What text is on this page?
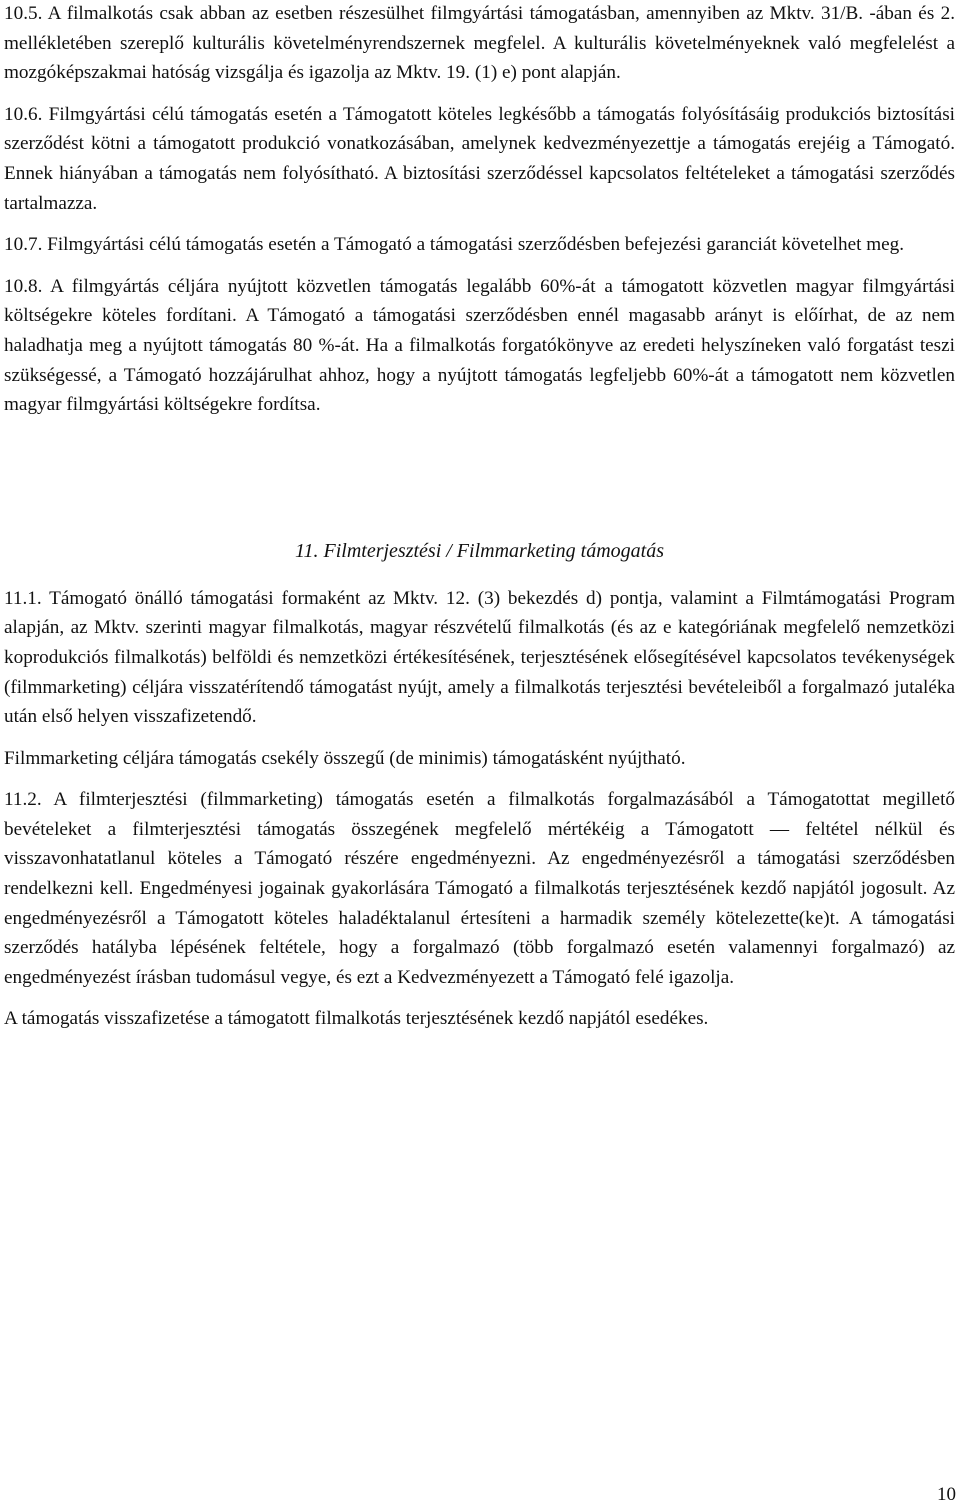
10.5. A filmalkotás csak abban az esetben részesülhet filmgyártási támogatásban, amennyiben az Mktv. 31/B. -ában és 2. mellékletében szereplő kulturális követelményrendszernek megfelel. A kulturális követelményeknek való megfelelést a mozgóképszakmai hatóság vizsgálja és igazolja az Mktv. 19. (1) e) pont alapján.

10.6. Filmgyártási célú támogatás esetén a Támogatott köteles legkésőbb a támogatás folyósításáig produkciós biztosítási szerződést kötni a támogatott produkció vonatkozásában, amelynek kedvezményezettje a támogatás erejéig a Támogató. Ennek hiányában a támogatás nem folyósítható. A biztosítási szerződéssel kapcsolatos feltételeket a támogatási szerződés tartalmazza.

10.7. Filmgyártási célú támogatás esetén a Támogató a támogatási szerződésben befejezési garanciát követelhet meg.

10.8. A filmgyártás céljára nyújtott közvetlen támogatás legalább 60%-át a támogatott közvetlen magyar filmgyártási költségekre köteles fordítani. A Támogató a támogatási szerződésben ennél magasabb arányt is előírhat, de az nem haladhatja meg a nyújtott támogatás 80 %-át. Ha a filmalkotás forgatókönyve az eredeti helyszíneken való forgatást teszi szükségessé, a Támogató hozzájárulhat ahhoz, hogy a nyújtott támogatás legfeljebb 60%-át a támogatott nem közvetlen magyar filmgyártási költségekre fordítsa.

11. Filmterjesztési / Filmmarketing támogatás

11.1. Támogató önálló támogatási formaként az Mktv. 12. (3) bekezdés d) pontja, valamint a Filmtámogatási Program alapján, az Mktv. szerinti magyar filmalkotás, magyar részvételű filmalkotás (és az e kategóriának megfelelő nemzetközi koprodukciós filmalkotás) belföldi és nemzetközi értékesítésének, terjesztésének elősegítésével kapcsolatos tevékenységek (filmmarketing) céljára visszatérítendő támogatást nyújt, amely a filmalkotás terjesztési bevételeiből a forgalmazó jutaléka után első helyen visszafizetendő.

Filmmarketing céljára támogatás csekély összegű (de minimis) támogatásként nyújtható.

11.2. A filmterjesztési (filmmarketing) támogatás esetén a filmalkotás forgalmazásából a Támogatottat megillető bevételeket a filmterjesztési támogatás összegének megfelelő mértékéig a Támogatott — feltétel nélkül és visszavonhatatlanul köteles a Támogató részére engedményezni. Az engedményezésről a támogatási szerződésben rendelkezni kell. Engedményesi jogainak gyakorlására Támogató a filmalkotás terjesztésének kezdő napjától jogosult. Az engedményezésről a Támogatott köteles haladéktalanul értesíteni a harmadik személy kötelezette(ke)t. A támogatási szerződés hatályba lépésének feltétele, hogy a forgalmazó (több forgalmazó esetén valamennyi forgalmazó) az engedményezést írásban tudomásul vegye, és ezt a Kedvezményezett a Támogató felé igazolja.

A támogatás visszafizetése a támogatott filmalkotás terjesztésének kezdő napjától esedékes.

10
